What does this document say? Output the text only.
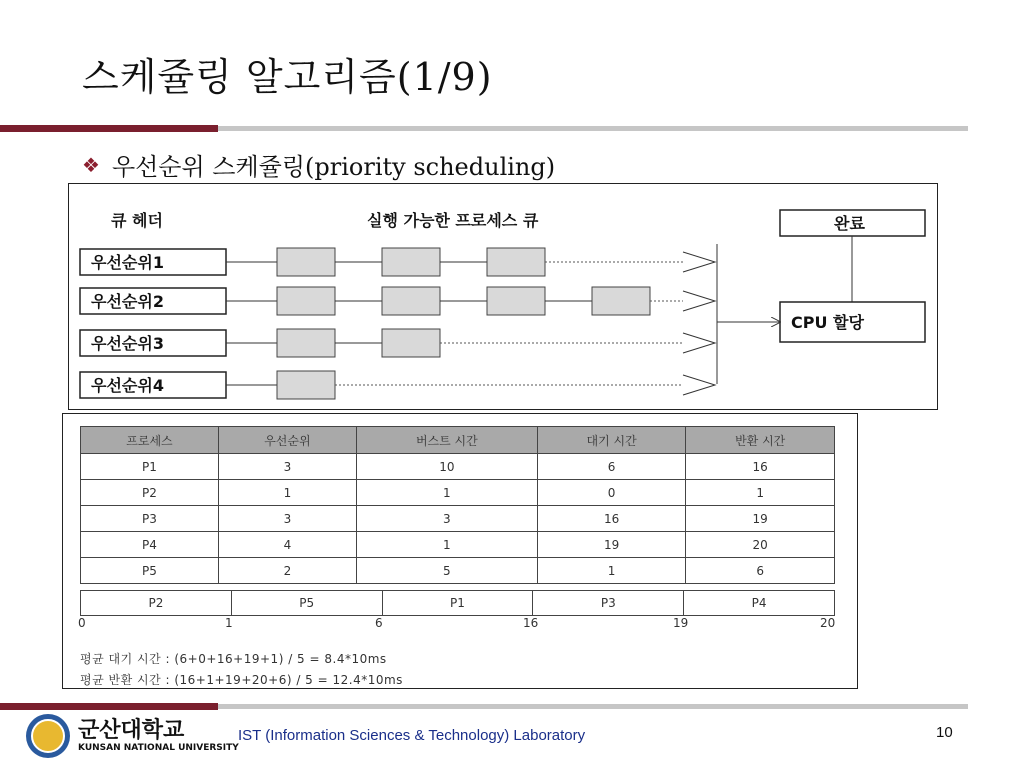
스케쥴링 알고리즘(1/9)
❖ 우선순위 스케쥴링(priority scheduling)
큐 헤더	실행 가능한 프로세스 큐	완료
CPU 할당
우선순위1
우선순위2
우선순위3
우선순위4
프로세스	우선순위	버스트 시간	대기 시간	반환 시간
P1	3	10	6	16
P2	1	1	0	1
P3	3	3	16	19
P4	4	1	19	20
P5	2	5	1	6
P2	P5	P1	P3	P4
0	1	6	16	19	20
평균 대기 시간 : (6+0+16+19+1) / 5 = 8.4*10ms
평균 반환 시간 : (16+1+19+20+6) / 5 = 12.4*10ms
군산대학교
KUNSAN NATIONAL UNIVERSITY
IST (Information Sciences & Technology) Laboratory	10
